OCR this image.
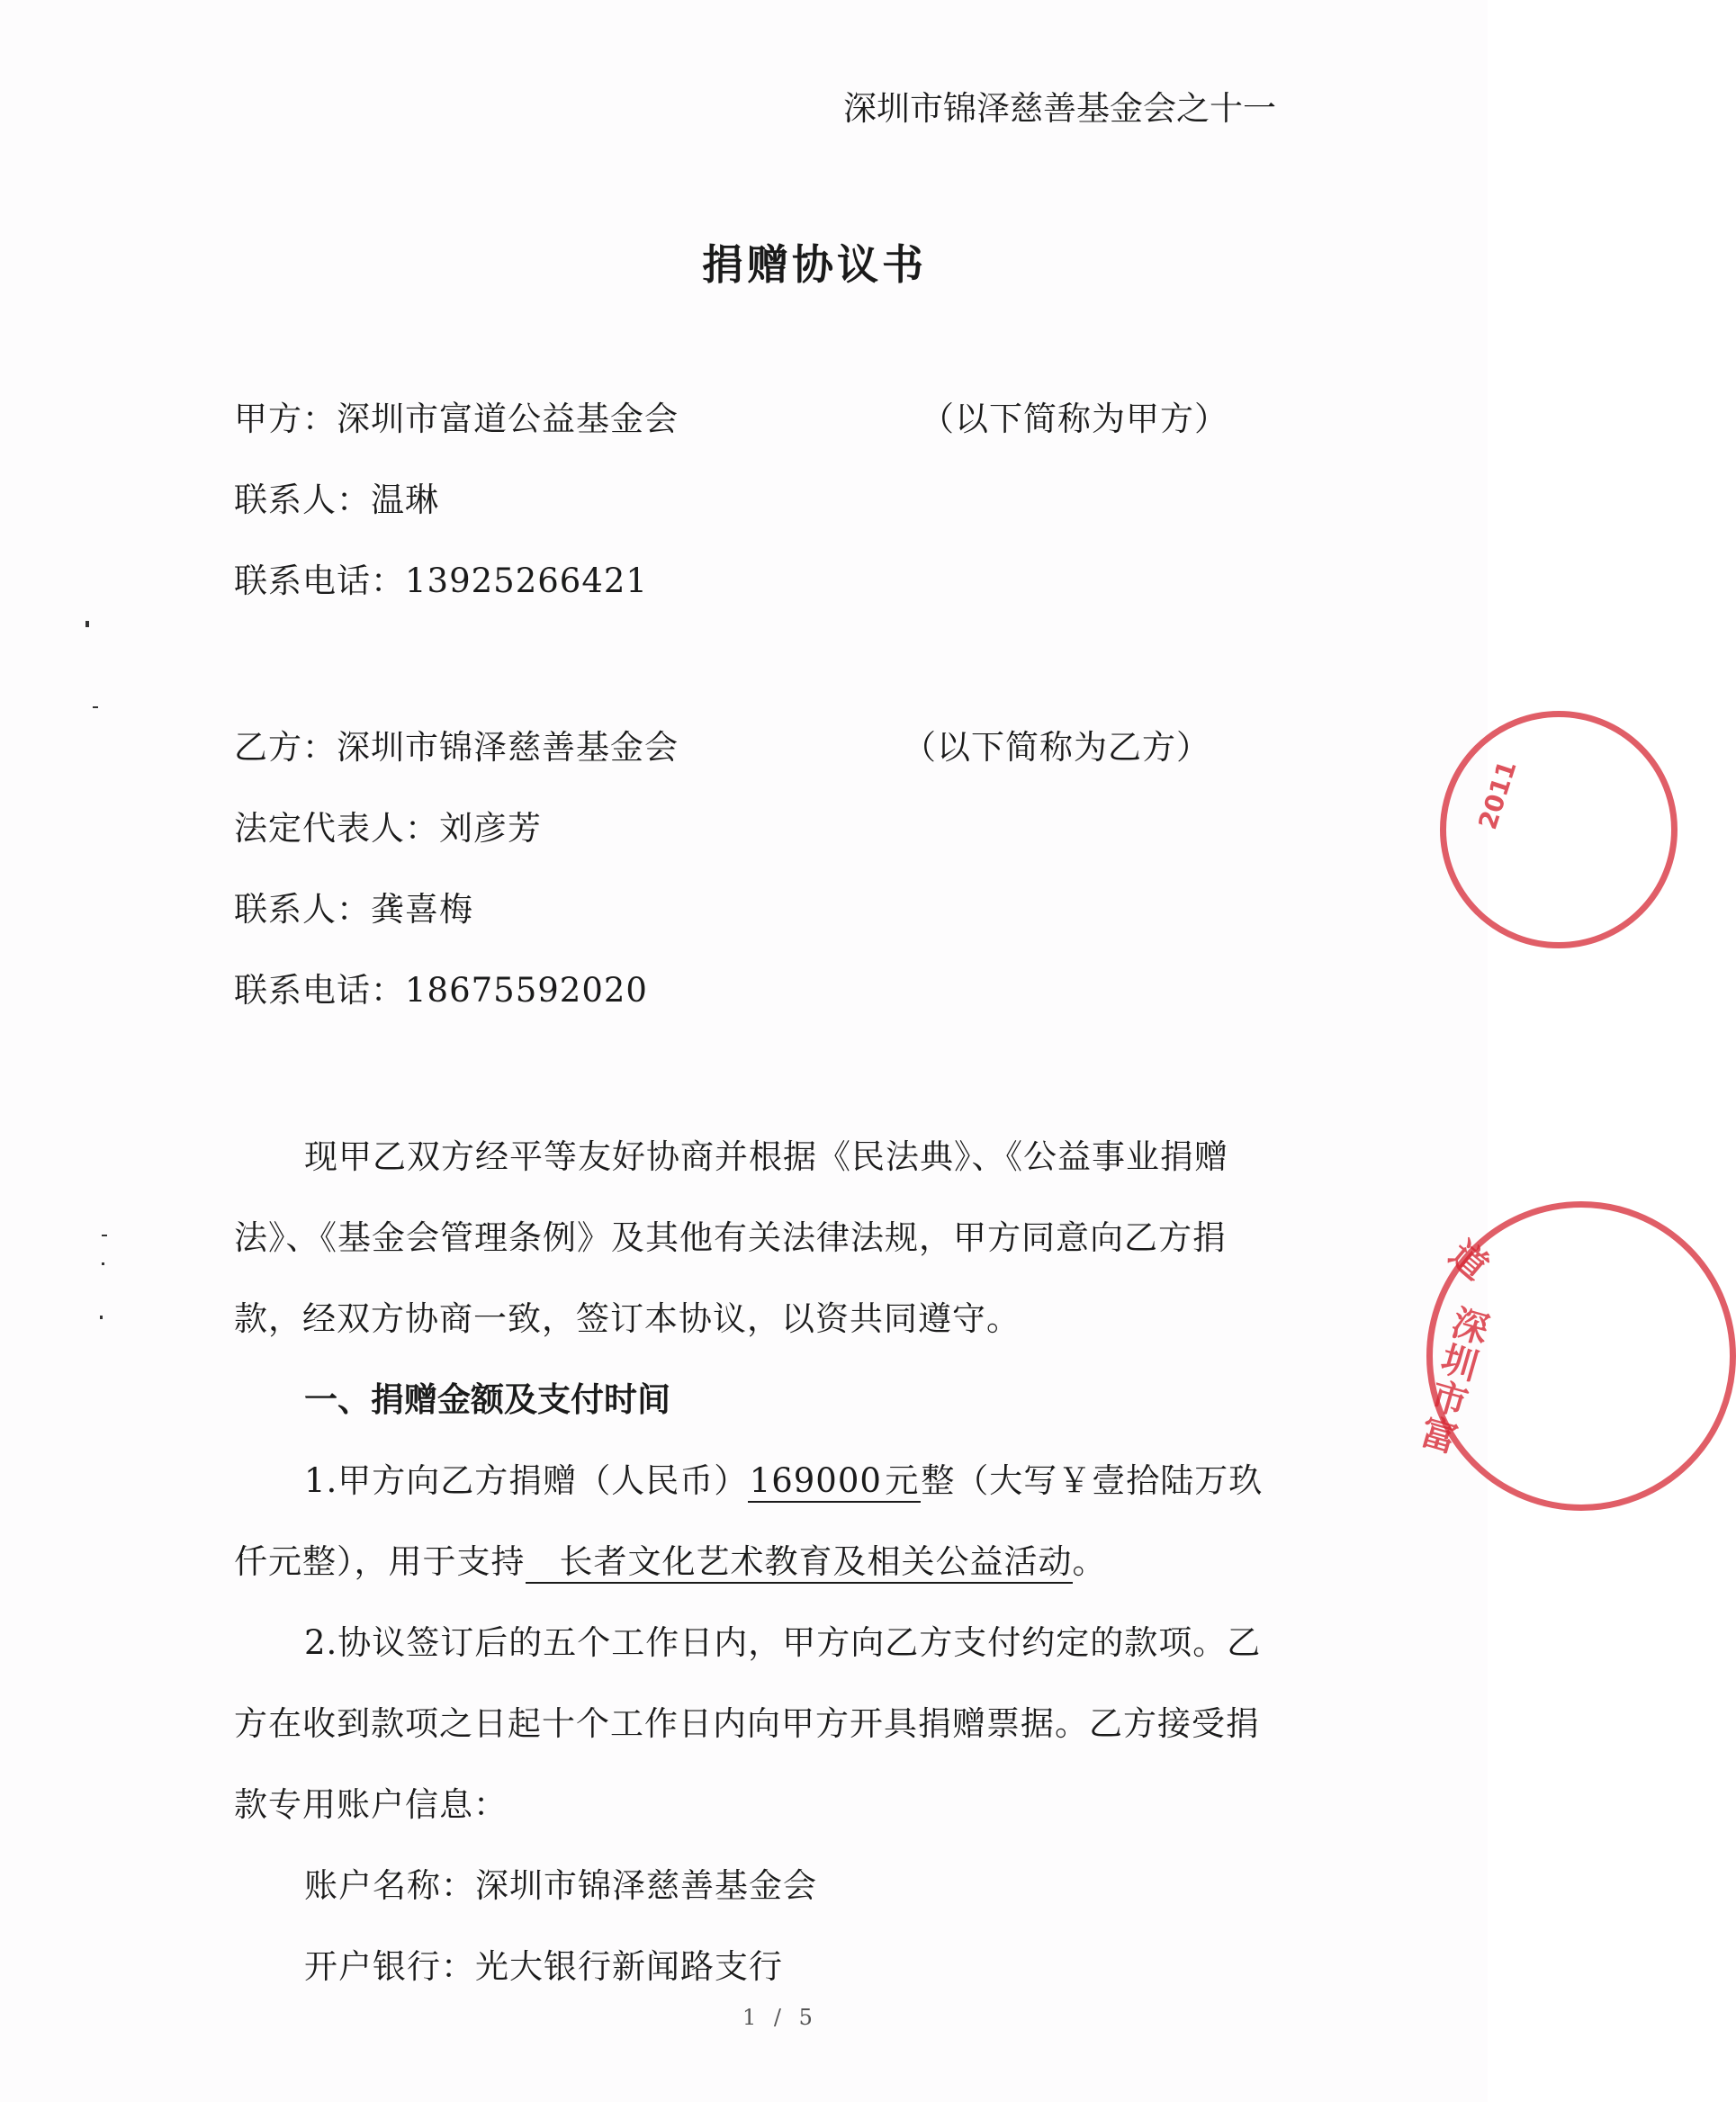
深圳市锦泽慈善基金会之十一
捐赠协议书
甲方：深圳市富道公益基金会	（以下简称为甲方）
联系人：温琳
联系电话：13925266421
乙方：深圳市锦泽慈善基金会	（以下简称为乙方）
法定代表人：刘彦芳
联系人：龚喜梅
联系电话：18675592020
现甲乙双方经平等友好协商并根据《民法典》、《公益事业捐赠
法》、《基金会管理条例》及其他有关法律法规，甲方同意向乙方捐
款，经双方协商一致，签订本协议，以资共同遵守。
一、捐赠金额及支付时间
1.甲方向乙方捐赠（人民币）169000元整（大写￥壹拾陆万玖
仟元整），用于支持 长者文化艺术教育及相关公益活动。
2.协议签订后的五个工作日内，甲方向乙方支付约定的款项。乙
方在收到款项之日起十个工作日内向甲方开具捐赠票据。乙方接受捐
款专用账户信息：
账户名称：深圳市锦泽慈善基金会
开户银行：光大银行新闻路支行
1 / 5
2011
深圳市富
道
